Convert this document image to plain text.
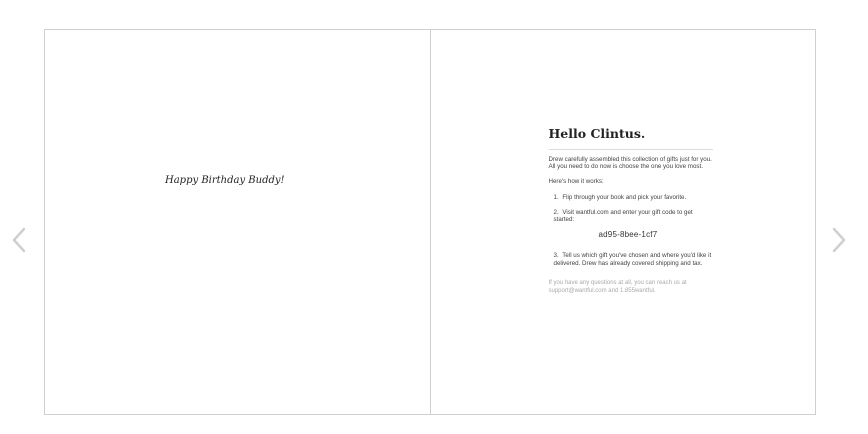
Happy Birthday Buddy!
Hello Clintus.

Drew carefully assembled this collection of gifts just for you. All you need to do now is choose the one you love most.

Here's how it works:

1. Flip through your book and pick your favorite.
2. Visit wantful.com and enter your gift code to get started:
ad95-8bee-1cf7
3. Tell us which gift you've chosen and where you'd like it delivered. Drew has already covered shipping and tax.

If you have any questions at all, you can reach us at support@wantful.com and 1.855wantful.
